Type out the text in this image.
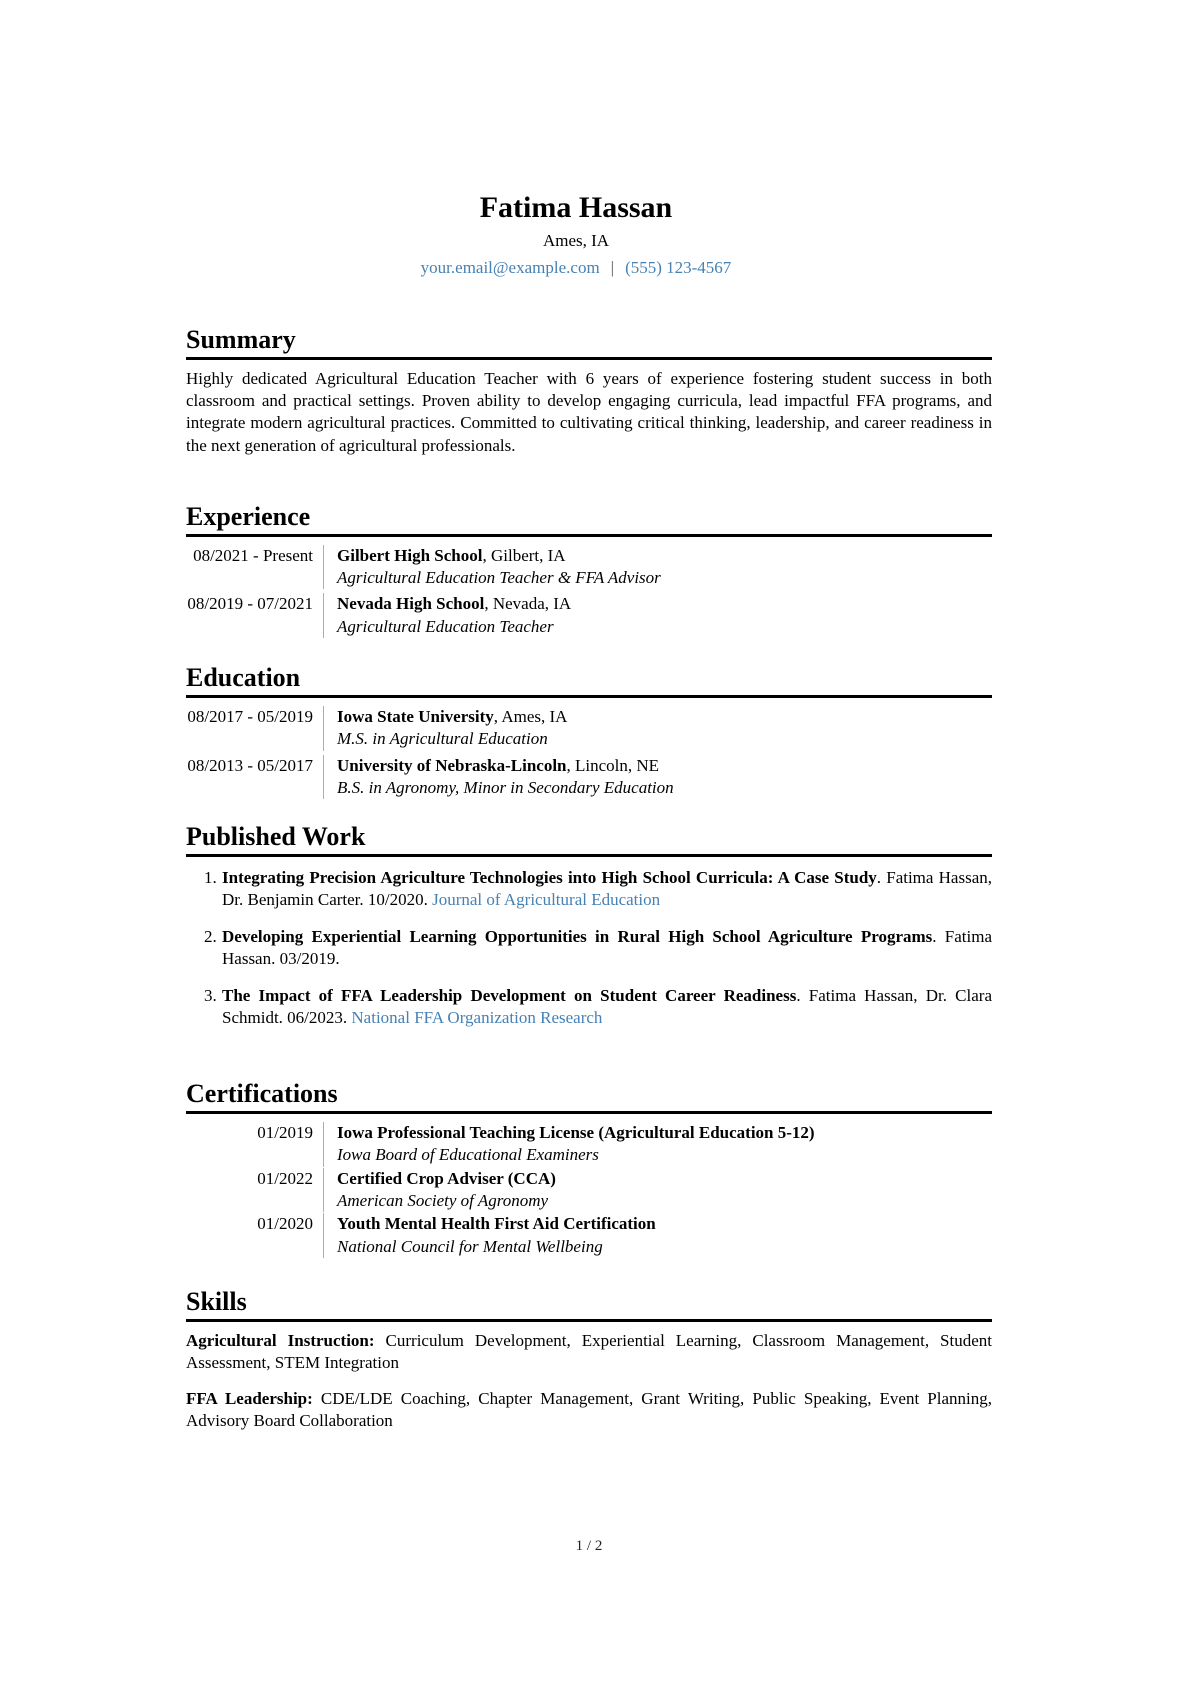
Fatima Hassan
Ames, IA
your.email@example.com | (555) 123-4567
Summary

Highly dedicated Agricultural Education Teacher with 6 years of experience fostering student success in both classroom and practical settings. Proven ability to develop engaging curricula, lead impactful FFA programs, and integrate modern agricultural practices. Committed to cultivating critical thinking, leadership, and career readiness in the next generation of agricultural professionals.

Experience
08/2021 - Present Gilbert High School, Gilbert, IA
Agricultural Education Teacher & FFA Advisor
08/2019 - 07/2021 Nevada High School, Nevada, IA
Agricultural Education Teacher
Education
08/2017 - 05/2019 Iowa State University, Ames, IA
M.S. in Agricultural Education
08/2013 - 05/2017 University of Nebraska-Lincoln, Lincoln, NE
B.S. in Agronomy, Minor in Secondary Education
Published Work
1. Integrating Precision Agriculture Technologies into High School Curricula: A Case Study. Fatima Hassan, Dr. Benjamin Carter. 10/2020. Journal of Agricultural Education
2. Developing Experiential Learning Opportunities in Rural High School Agriculture Programs. Fatima Hassan. 03/2019.
3. The Impact of FFA Leadership Development on Student Career Readiness. Fatima Hassan, Dr. Clara Schmidt. 06/2023. National FFA Organization Research
Certifications
01/2019 Iowa Professional Teaching License (Agricultural Education 5-12)
Iowa Board of Educational Examiners
01/2022 Certified Crop Adviser (CCA)
American Society of Agronomy
01/2020 Youth Mental Health First Aid Certification
National Council for Mental Wellbeing
Skills
Agricultural Instruction: Curriculum Development, Experiential Learning, Classroom Management, Student Assessment, STEM Integration
FFA Leadership: CDE/LDE Coaching, Chapter Management, Grant Writing, Public Speaking, Event Planning, Advisory Board Collaboration
1 / 2
